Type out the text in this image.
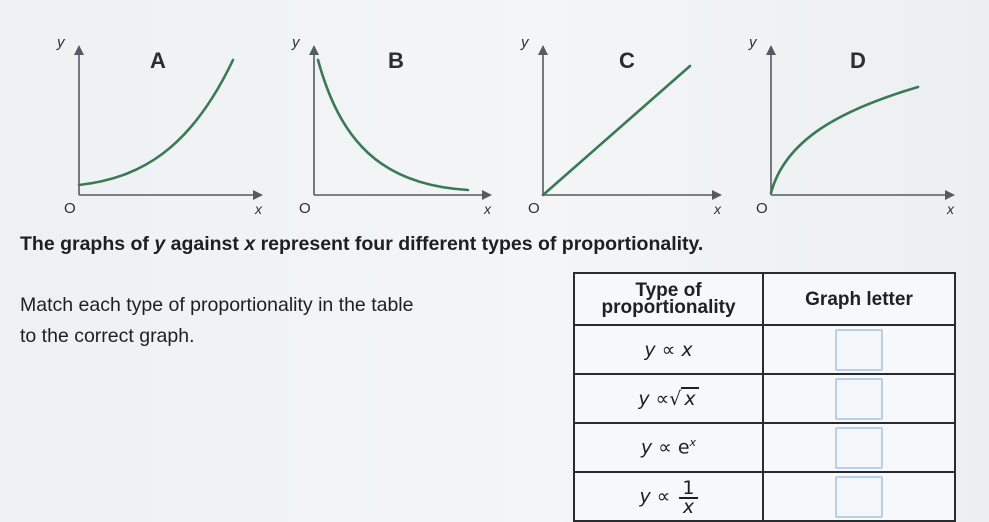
y
x
O
A
y
x
O
B
y
x
O
C
y
x
O
D
The graphs of y against x represent four different types of proportionality.
Match each type of proportionality in the table
to the correct graph.
Type of
proportionality	Graph letter
y ∝ x	
y ∝√ x	
$y \propto e^x$	
$y \propto \frac{1}{x}$
